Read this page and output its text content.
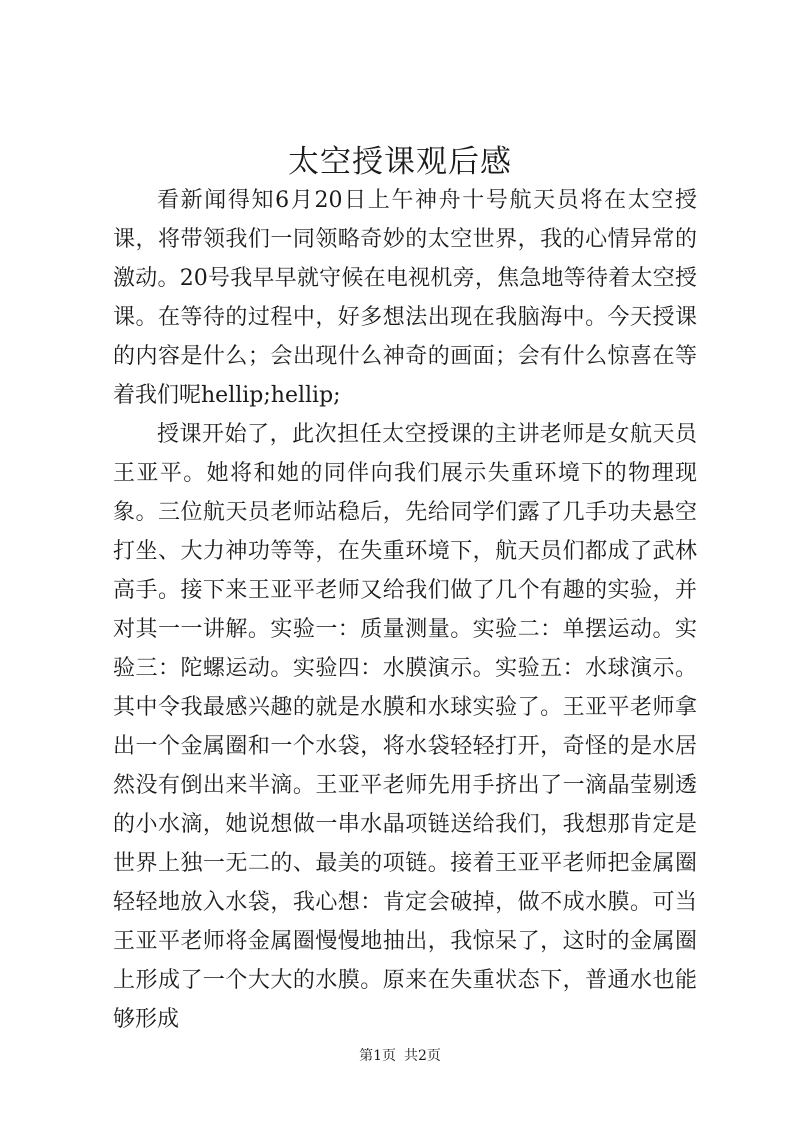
太空授课观后感

看新闻得知6月20日上午神舟十号航天员将在太空授课，将带领我们一同领略奇妙的太空世界，我的心情异常的激动。20号我早早就守候在电视机旁，焦急地等待着太空授课。在等待的过程中，好多想法出现在我脑海中。今天授课的内容是什么；会出现什么神奇的画面；会有什么惊喜在等着我们呢hellip;hellip;

授课开始了，此次担任太空授课的主讲老师是女航天员王亚平。她将和她的同伴向我们展示失重环境下的物理现象。三位航天员老师站稳后，先给同学们露了几手功夫悬空打坐、大力神功等等，在失重环境下，航天员们都成了武林高手。接下来王亚平老师又给我们做了几个有趣的实验，并对其一一讲解。实验一：质量测量。实验二：单摆运动。实验三：陀螺运动。实验四：水膜演示。实验五：水球演示。其中令我最感兴趣的就是水膜和水球实验了。王亚平老师拿出一个金属圈和一个水袋，将水袋轻轻打开，奇怪的是水居然没有倒出来半滴。王亚平老师先用手挤出了一滴晶莹剔透的小水滴，她说想做一串水晶项链送给我们，我想那肯定是世界上独一无二的、最美的项链。接着王亚平老师把金属圈轻轻地放入水袋，我心想：肯定会破掉，做不成水膜。可当王亚平老师将金属圈慢慢地抽出，我惊呆了，这时的金属圈上形成了一个大大的水膜。原来在失重状态下，普通水也能够形成

第1页 共2页
